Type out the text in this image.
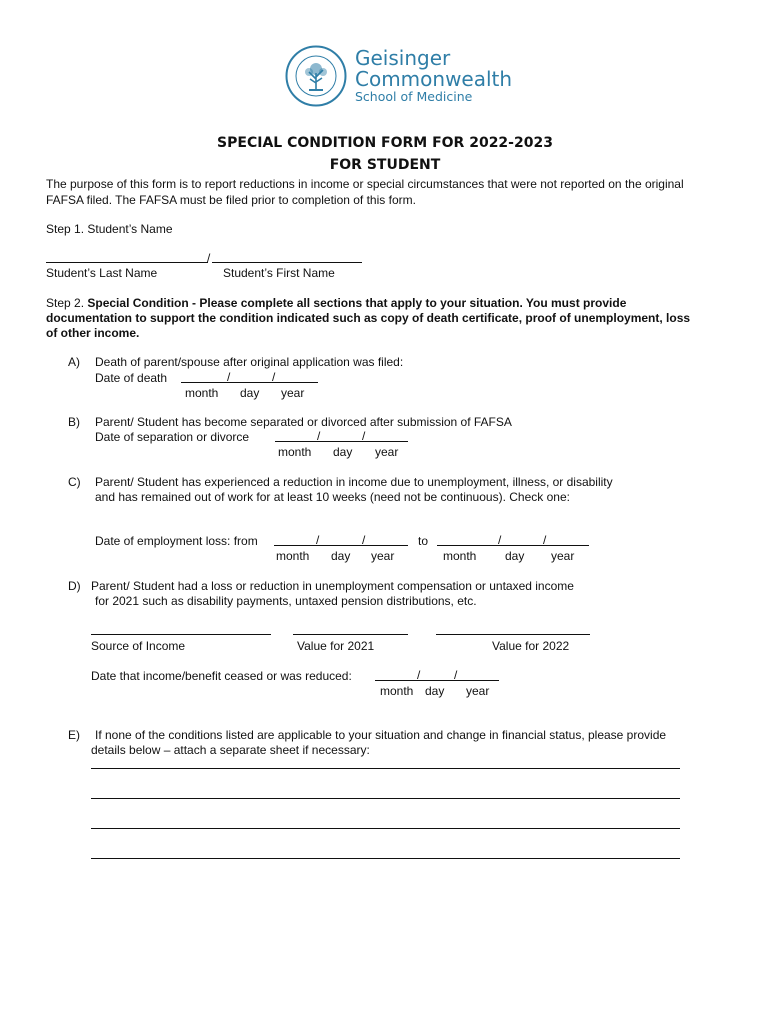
Geisinger
Commonwealth
School of Medicine
SPECIAL CONDITION FORM FOR 2022-2023
FOR STUDENT
The purpose of this form is to report reductions in income or special circumstances that were not reported on the original
FAFSA filed. The FAFSA must be filed prior to completion of this form.
Step 1. Student’s Name
/
Student’s Last Name	Student’s First Name
Step 2. Special Condition - Please complete all sections that apply to your situation. You must provide
documentation to support the condition indicated such as copy of death certificate, proof of unemployment, loss
of other income.
A) Death of parent/spouse after original application was filed:
Date of death	/	/
month day year
B) Parent/ Student has become separated or divorced after submission of FAFSA
Date of separation or divorce	/	/
month day year
C) Parent/ Student has experienced a reduction in income due to unemployment, illness, or disability
and has remained out of work for at least 10 weeks (need not be continuous). Check one:
Date of employment loss: from	/	/	to	/	/
month day year	month day year
D) Parent/ Student had a loss or reduction in unemployment compensation or untaxed income
for 2021 such as disability payments, untaxed pension distributions, etc.
Source of Income	Value for 2021	Value for 2022
Date that income/benefit ceased or was reduced:	/	/
month day year
E) If none of the conditions listed are applicable to your situation and change in financial status, please provide
details below – attach a separate sheet if necessary:
